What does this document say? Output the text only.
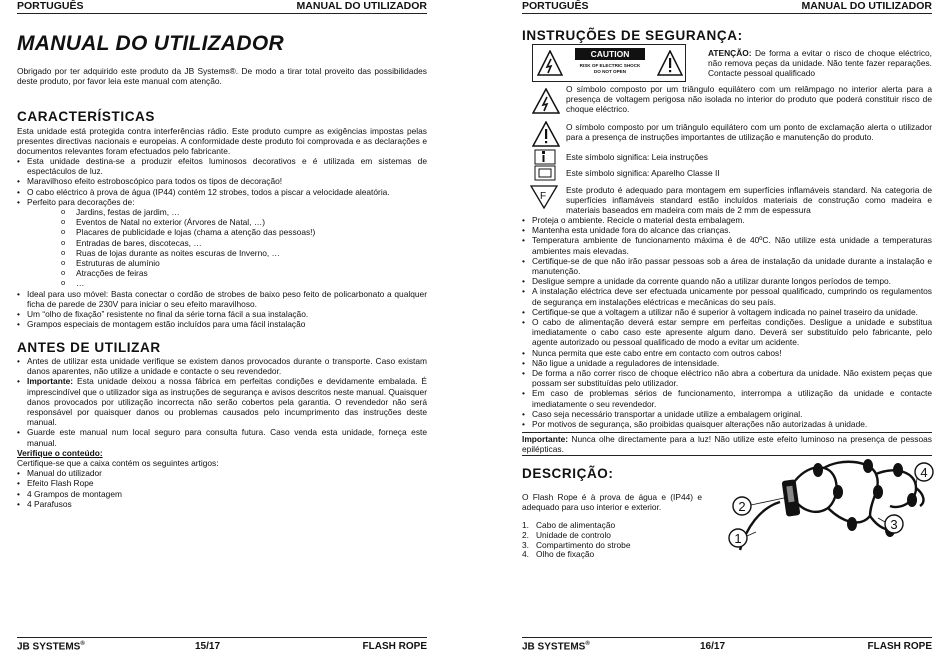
PORTUGUÊS	MANUAL DO UTILIZADOR
MANUAL DO UTILIZADOR
Obrigado por ter adquirido este produto da JB Systems®. De modo a tirar total proveito das possibilidades deste produto, por favor leia este manual com atenção.
CARACTERÍSTICAS
Esta unidade está protegida contra interferências rádio. Este produto cumpre as exigências impostas pelas presentes directivas nacionais e europeias. A conformidade deste produto foi comprovada e as declarações e documentos relevantes foram efectuados pelo fabricante.
• Esta unidade destina-se a produzir efeitos luminosos decorativos e é utilizada em sistemas de espectáculos de luz.
• Maravilhoso efeito estroboscópico para todos os tipos de decoração!
• O cabo eléctrico à prova de água (IP44) contém 12 strobes, todos a piscar a velocidade aleatória.
• Perfeito para decorações de:
o Jardins, festas de jardim, …
o Eventos de Natal no exterior (Árvores de Natal, …)
o Placares de publicidade e lojas (chama a atenção das pessoas!)
o Entradas de bares, discotecas, …
o Ruas de lojas durante as noites escuras de Inverno, …
o Estruturas de alumínio
o Atracções de feiras
o …
• Ideal para uso móvel: Basta conectar o cordão de strobes de baixo peso feito de policarbonato a qualquer ficha de parede de 230V para iniciar o seu efeito maravilhoso.
• Um “olho de fixação” resistente no final da série torna fácil a sua instalação.
• Grampos especiais de montagem estão incluídos para uma fácil instalação
ANTES DE UTILIZAR
• Antes de utilizar esta unidade verifique se existem danos provocados durante o transporte. Caso existam danos aparentes, não utilize a unidade e contacte o seu revendedor.
• Importante: Esta unidade deixou a nossa fábrica em perfeitas condições e devidamente embalada. É imprescindível que o utilizador siga as instruções de segurança e avisos descritos neste manual. Quaisquer danos provocados por utilização incorrecta não serão cobertos pela garantia. O revendedor não será responsável por quaisquer danos ou problemas causados pelo incumprimento das instruções deste manual.
• Guarde este manual num local seguro para consulta futura. Caso venda esta unidade, forneça este manual.
Verifique o conteúdo:
Certifique-se que a caixa contém os seguintes artigos:
• Manual do utilizador
• Efeito Flash Rope
• 4 Grampos de montagem
• 4 Parafusos
JB SYSTEMS®	15/17	FLASH ROPE
PORTUGUÊS	MANUAL DO UTILIZADOR
INSTRUÇÕES DE SEGURANÇA:
CAUTION
RISK OF ELECTRIC SHOCK
DO NOT OPEN
ATENÇÃO: De forma a evitar o risco de choque eléctrico, não remova peças da unidade. Não tente fazer reparações. Contacte pessoal qualificado
O símbolo composto por um triângulo equilátero com um relâmpago no interior alerta para a presença de voltagem perigosa não isolada no interior do produto que poderá constituir risco de choque eléctrico.
O símbolo composto por um triângulo equilátero com um ponto de exclamação alerta o utilizador para a presença de instruções importantes de utilização e manutenção do produto.
Este símbolo significa: Leia instruções
Este símbolo significa: Aparelho Classe II
F
Este produto é adequado para montagem em superfícies inflamáveis standard. Na categoria de superfícies inflamáveis standard estão incluídos materiais de construção como madeira e materiais baseados em madeira com mais de 2 mm de espessura
• Proteja o ambiente. Recicle o material desta embalagem.
• Mantenha esta unidade fora do alcance das crianças.
• Temperatura ambiente de funcionamento máxima é de 40ºC. Não utilize esta unidade a temperaturas ambientes mais elevadas.
• Certifique-se de que não irão passar pessoas sob a área de instalação da unidade durante a instalação e manutenção.
• Desligue sempre a unidade da corrente quando não a utilizar durante longos períodos de tempo.
• A instalação eléctrica deve ser efectuada unicamente por pessoal qualificado, cumprindo os regulamentos de segurança em instalações eléctricas e mecânicas do seu país.
• Certifique-se que a voltagem a utilizar não é superior à voltagem indicada no painel traseiro da unidade.
• O cabo de alimentação deverá estar sempre em perfeitas condições. Desligue a unidade e substitua imediatamente o cabo caso este apresente algum dano. Deverá ser substituído pelo fabricante, pelo agente autorizado ou pessoal qualificado de modo a evitar um acidente.
• Nunca permita que este cabo entre em contacto com outros cabos!
• Não ligue a unidade a reguladores de intensidade.
• De forma a não correr risco de choque eléctrico não abra a cobertura da unidade. Não existem peças que possam ser substituídas pelo utilizador.
• Em caso de problemas sérios de funcionamento, interrompa a utilização da unidade e contacte imediatamente o seu revendedor.
• Caso seja necessário transportar a unidade utilize a embalagem original.
• Por motivos de segurança, são proibidas quaisquer alterações não autorizadas à unidade.
Importante: Nunca olhe directamente para a luz! Não utilize este efeito luminoso na presença de pessoas epilépticas.
DESCRIÇÃO:
O Flash Rope é à prova de água e (IP44) e adequado para uso interior e exterior.
1. Cabo de alimentação
2. Unidade de controlo
3. Compartimento do strobe
4. Olho de fixação
1
2
3
4
JB SYSTEMS®	16/17	FLASH ROPE
